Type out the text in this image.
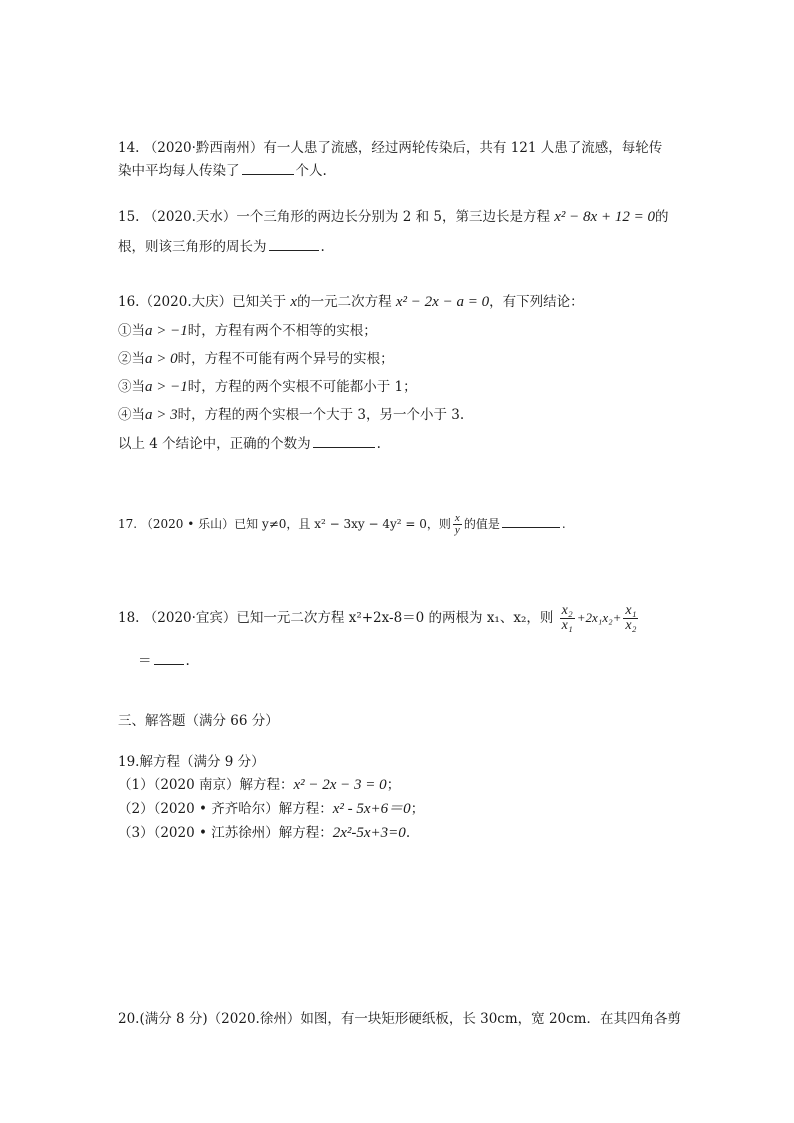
14. （2020·黔西南州）有一人患了流感，经过两轮传染后，共有 121 人患了流感，每轮传
染中平均每人传染了	个人.
15. （2020.天水）一个三角形的两边长分别为 2 和 5，第三边长是方程 x² − 8x + 12 = 0的
根，则该三角形的周长为	.
16.（2020.大庆）已知关于 x的一元二次方程 x² − 2x − a = 0，有下列结论：
①当a > −1时，方程有两个不相等的实根；
②当a > 0时，方程不可能有两个异号的实根；
③当a > −1时，方程的两个实根不可能都小于 1；
④当a > 3时，方程的两个实根一个大于 3，另一个小于 3.
以上 4 个结论中，正确的个数为	.
17. （2020 • 乐山）已知 y≠0，且 x² − 3xy − 4y² = 0，则 $\frac{x}{y}$ 的值是	.
18. （2020·宜宾）已知一元二次方程 x²+2x-8＝0 的两根为 x₁、x₂，则 $\frac{\text{x₂}}{\text{x₁}} +2x_1x_2+ \frac{\text{x₁}}{\text{x₂}}$
＝	.
三、解答题（满分 66 分）
19.解方程（满分 9 分）
（1）（2020 南京）解方程：x² − 2x − 3 = 0；
（2）（2020 • 齐齐哈尔）解方程：x² - 5x+6＝0；
（3）（2020 • 江苏徐州）解方程：2x²-5x+3=0.
20.(满分 8 分)（2020.徐州）如图，有一块矩形硬纸板，长 30cm，宽 20cm．在其四角各剪
